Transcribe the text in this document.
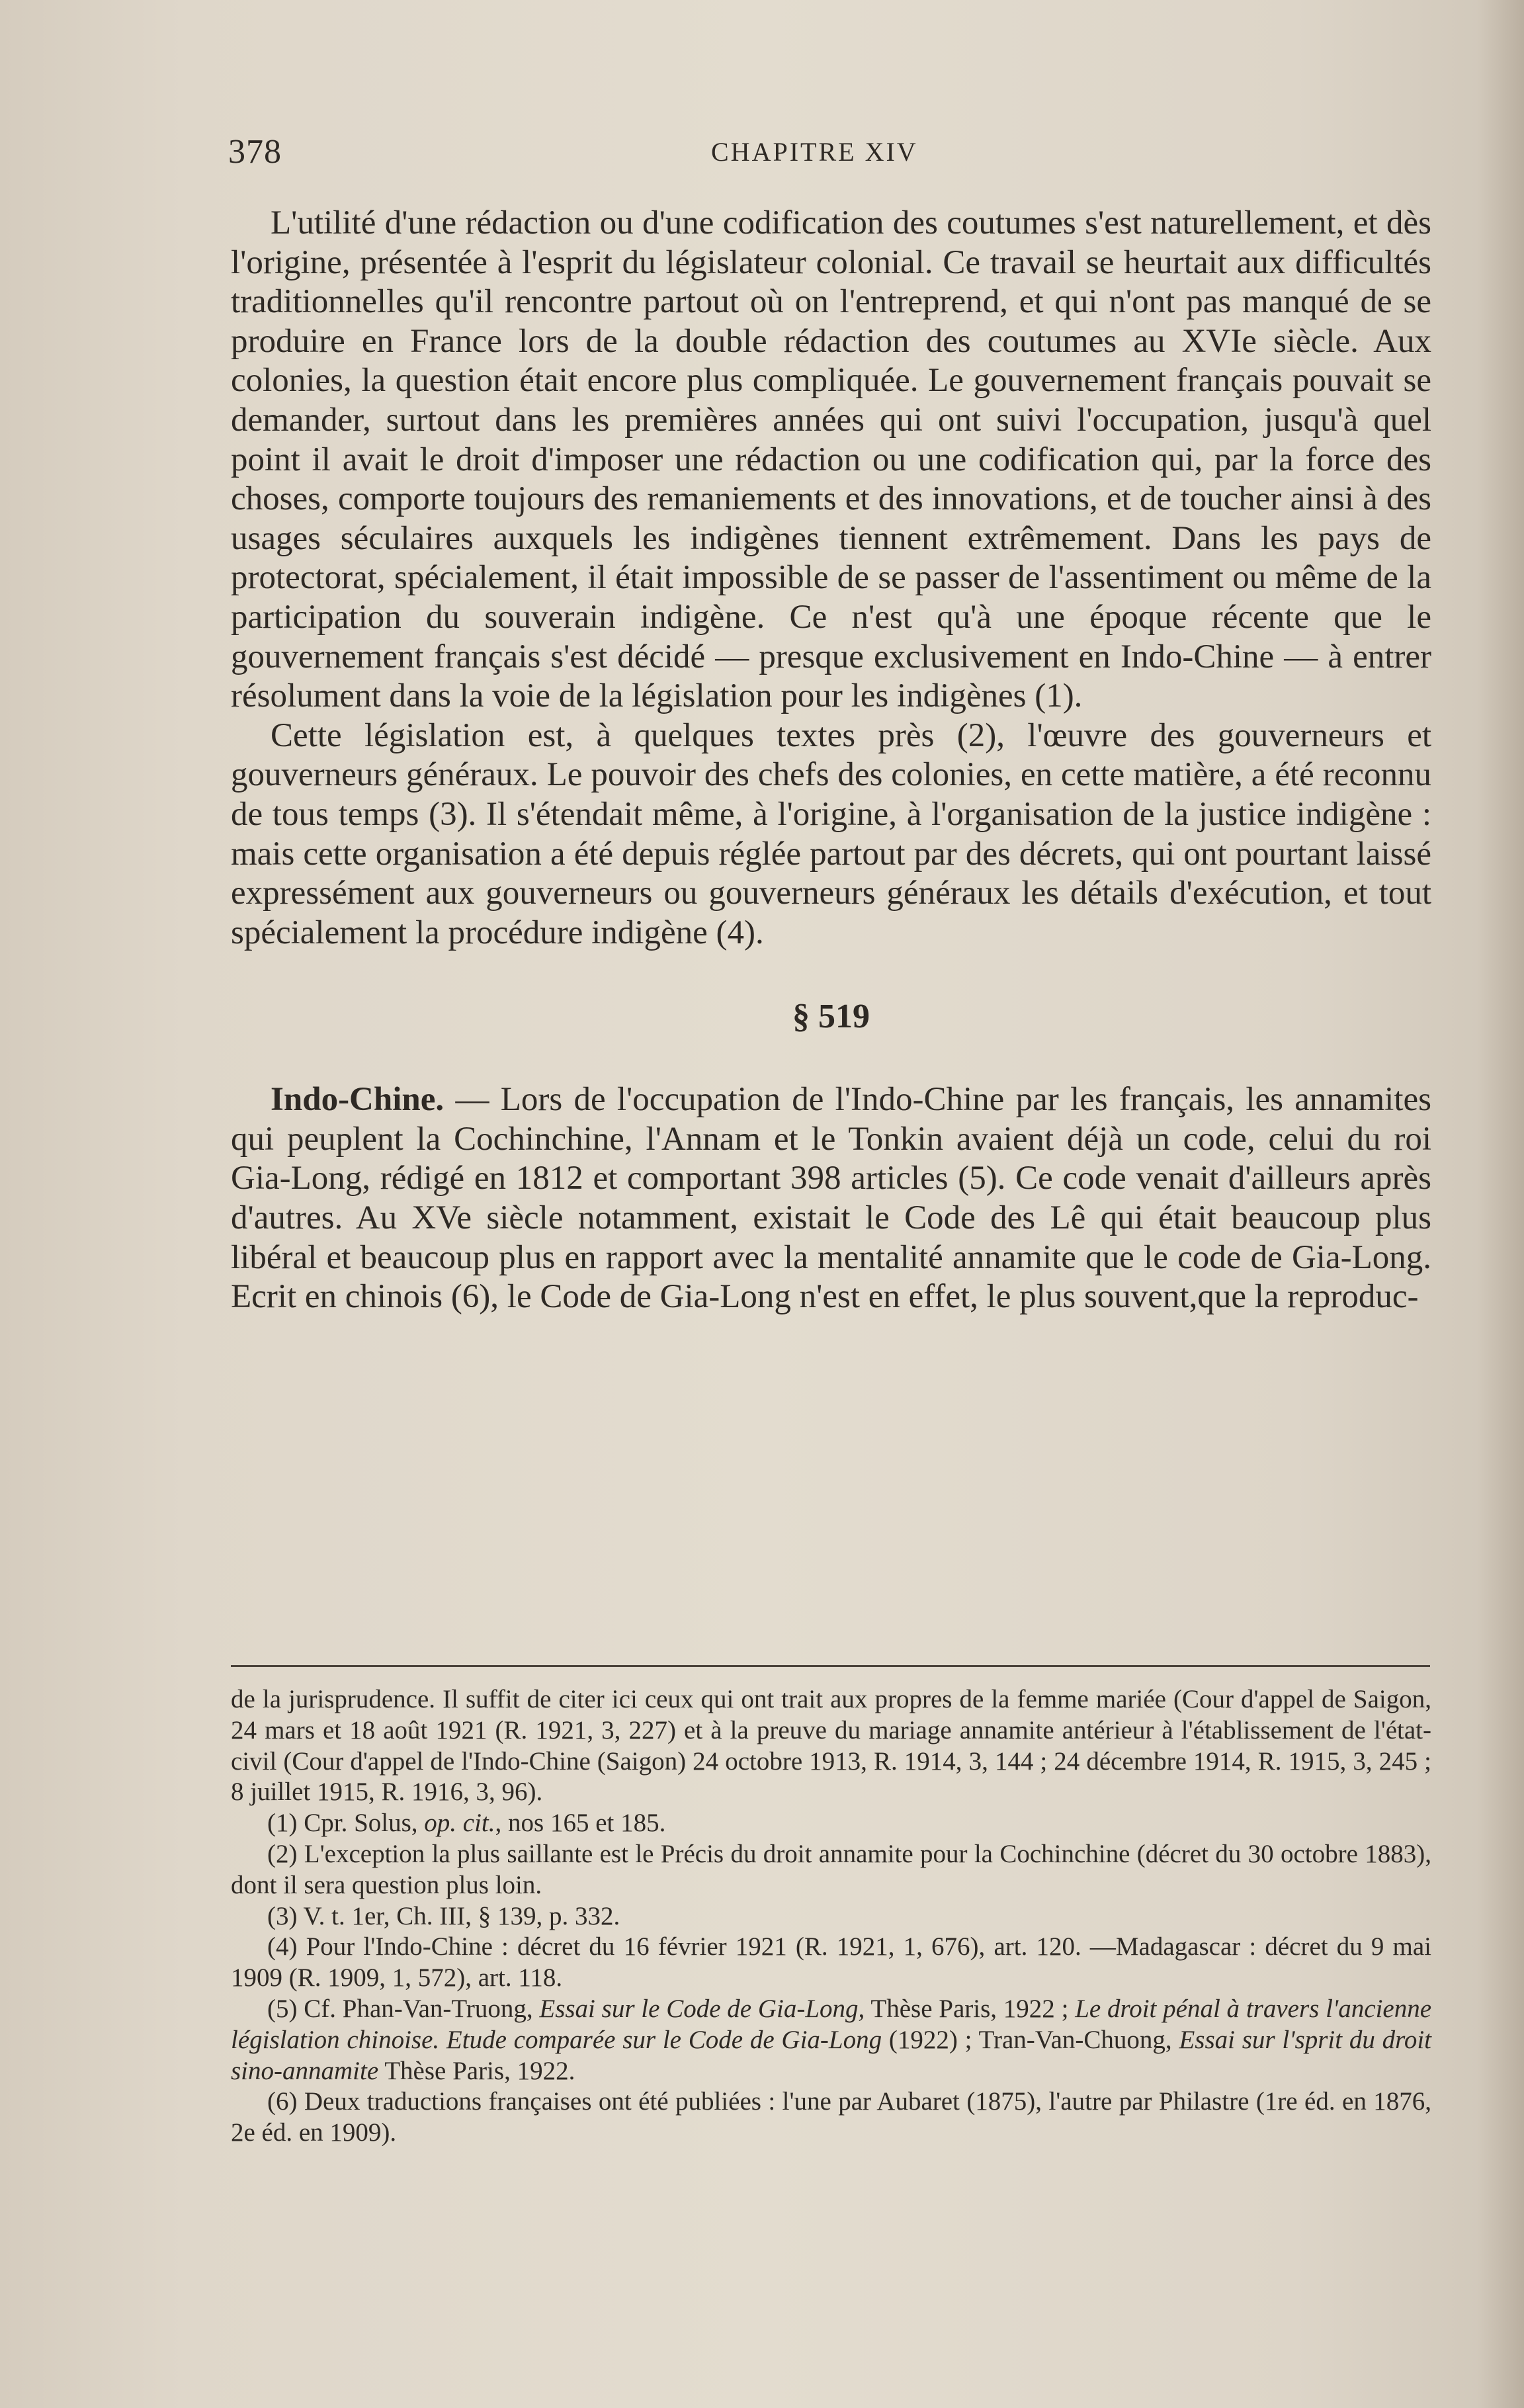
378	CHAPITRE XIV

L'utilité d'une rédaction ou d'une codification des coutumes s'est naturellement, et dès l'origine, présentée à l'esprit du législateur colonial. Ce travail se heurtait aux difficultés traditionnelles qu'il rencontre partout où on l'entreprend, et qui n'ont pas manqué de se produire en France lors de la double rédaction des coutumes au XVIe siècle. Aux colonies, la question était encore plus compliquée. Le gouvernement français pouvait se demander, surtout dans les premières années qui ont suivi l'occupation, jusqu'à quel point il avait le droit d'imposer une rédaction ou une codification qui, par la force des choses, comporte toujours des remaniements et des innovations, et de toucher ainsi à des usages séculaires auxquels les indigènes tiennent extrêmement. Dans les pays de protectorat, spécialement, il était impossible de se passer de l'assentiment ou même de la participation du souverain indigène. Ce n'est qu'à une époque récente que le gouvernement français s'est décidé — presque exclusivement en Indo-Chine — à entrer résolument dans la voie de la législation pour les indigènes (1).

Cette législation est, à quelques textes près (2), l'œuvre des gouverneurs et gouverneurs généraux. Le pouvoir des chefs des colonies, en cette matière, a été reconnu de tous temps (3). Il s'étendait même, à l'origine, à l'organisation de la justice indigène : mais cette organisation a été depuis réglée partout par des décrets, qui ont pourtant laissé expressément aux gouverneurs ou gouverneurs généraux les détails d'exécution, et tout spécialement la procédure indigène (4).

§ 519

Indo-Chine. — Lors de l'occupation de l'Indo-Chine par les français, les annamites qui peuplent la Cochinchine, l'Annam et le Tonkin avaient déjà un code, celui du roi Gia-Long, rédigé en 1812 et comportant 398 articles (5). Ce code venait d'ailleurs après d'autres. Au XVe siècle notamment, existait le Code des Lê qui était beaucoup plus libéral et beaucoup plus en rapport avec la mentalité annamite que le code de Gia-Long. Ecrit en chinois (6), le Code de Gia-Long n'est en effet, le plus souvent,que la reproduc-

de la jurisprudence. Il suffit de citer ici ceux qui ont trait aux propres de la femme mariée (Cour d'appel de Saigon, 24 mars et 18 août 1921 (R. 1921, 3, 227) et à la preuve du mariage annamite antérieur à l'établissement de l'état-civil (Cour d'appel de l'Indo-Chine (Saigon) 24 octobre 1913, R. 1914, 3, 144 ; 24 décembre 1914, R. 1915, 3, 245 ; 8 juillet 1915, R. 1916, 3, 96).

(1) Cpr. Solus, op. cit., nos 165 et 185.

(2) L'exception la plus saillante est le Précis du droit annamite pour la Cochinchine (décret du 30 octobre 1883), dont il sera question plus loin.

(3) V. t. 1er, Ch. III, § 139, p. 332.

(4) Pour l'Indo-Chine : décret du 16 février 1921 (R. 1921, 1, 676), art. 120. —Madagascar : décret du 9 mai 1909 (R. 1909, 1, 572), art. 118.

(5) Cf. Phan-Van-Truong, Essai sur le Code de Gia-Long, Thèse Paris, 1922 ; Le droit pénal à travers l'ancienne législation chinoise. Etude comparée sur le Code de Gia-Long (1922) ; Tran-Van-Chuong, Essai sur l'sprit du droit sino-annamite Thèse Paris, 1922.

(6) Deux traductions françaises ont été publiées : l'une par Aubaret (1875), l'autre par Philastre (1re éd. en 1876, 2e éd. en 1909).
